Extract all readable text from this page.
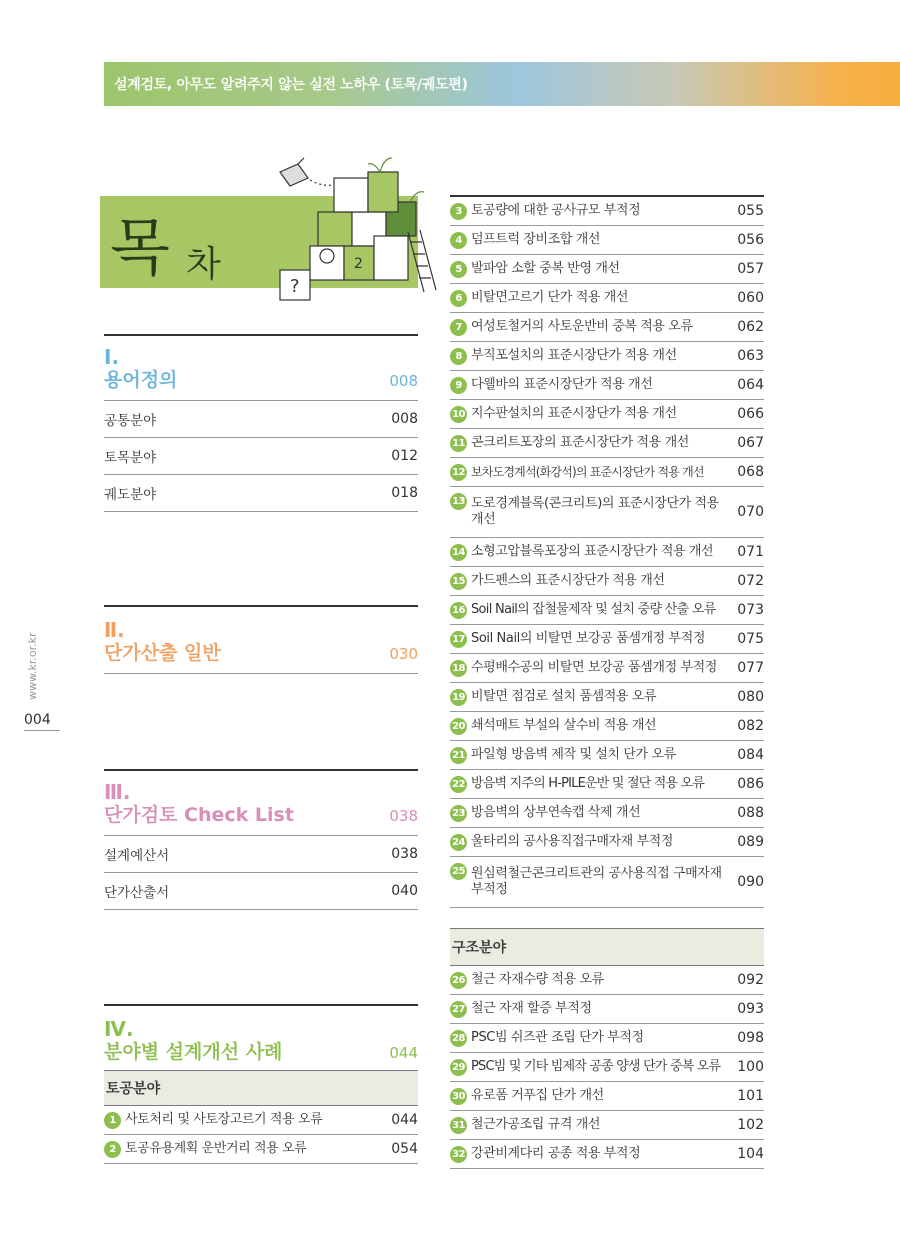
설계검토, 아무도 알려주지 않는 실전 노하우 (토목/궤도편)
www.kr.or.kr
004
목 차
?
2
Ⅰ.
용어정의	008
공통분야	008
토목분야	012
궤도분야	018
Ⅱ.
단가산출 일반	030
Ⅲ.
단가검토 Check List	038
설계예산서	038
단가산출서	040
Ⅳ.
분야별 설계개선 사례	044
토공분야
1 사토처리 및 사토장고르기 적용 오류	044
2 토공유용계획 운반거리 적용 오류	054
3 토공량에 대한 공사규모 부적정	055
4 덤프트럭 장비조합 개선	056
5 발파암 소할 중복 반영 개선	057
6 비탈면고르기 단가 적용 개선	060
7 여성토철거의 사토운반비 중복 적용 오류	062
8 부직포설치의 표준시장단가 적용 개선	063
9 다웰바의 표준시장단가 적용 개선	064
10 지수판설치의 표준시장단가 적용 개선	066
11 콘크리트포장의 표준시장단가 적용 개선	067
12 보차도경계석(화강석)의 표준시장단가 적용 개선	068
13 도로경계블록(콘크리트)의 표준시장단가 적용 개선	070
14 소형고압블록포장의 표준시장단가 적용 개선	071
15 가드펜스의 표준시장단가 적용 개선	072
16 Soil Nail의 잡철물제작 및 설치 중량 산출 오류	073
17 Soil Nail의 비탈면 보강공 품셈개정 부적정	075
18 수평배수공의 비탈면 보강공 품셈개정 부적정	077
19 비탈면 점검로 설치 품셈적용 오류	080
20 쇄석매트 부설의 살수비 적용 개선	082
21 파일형 방음벽 제작 및 설치 단가 오류	084
22 방음벽 지주의 H-PILE운반 및 절단 적용 오류	086
23 방음벽의 상부연속캡 삭제 개선	088
24 울타리의 공사용직접구매자재 부적정	089
25 원심력철근콘크리트관의 공사용직접 구매자재 부적정	090
구조분야
26 철근 자재수량 적용 오류	092
27 철근 자재 할증 부적정	093
28 PSC빔 쉬즈관 조립 단가 부적정	098
29 PSC빔 및 기타 빔제작 공종 양생 단가 중복 오류	100
30 유로폼 거푸집 단가 개선	101
31 철근가공조립 규격 개선	102
32 강관비계다리 공종 적용 부적정	104
